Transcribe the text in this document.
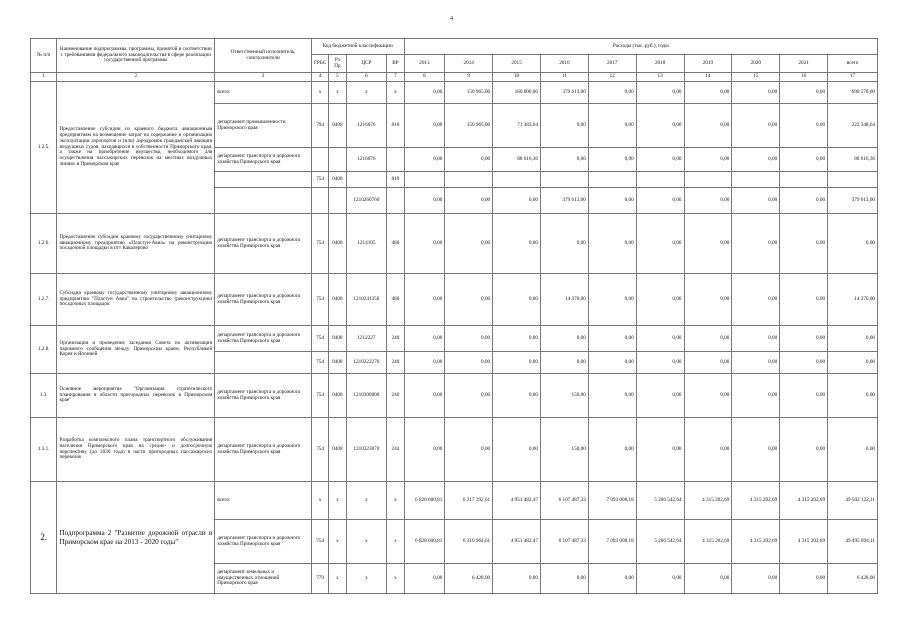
4
№ п/п	Наименование подпрограммы, программы, принятой в соответствии с требованиями федерального законодательства в сфере реализации государственной программы	Ответственный исполнитель, соисполнители	Код бюджетной классификации				Расходы (тыс. руб.), годы									
			ГРБС	Рз Пр	ЦСР	ВР	2013	2014	2015	2016	2017	2018	2019	2020	2021	всего
1	2	3	4	5	6	7	8	9	10	11	12	13	14	15	16	17
1.2.5.	Предоставление субсидии из краевого бюджета авиационным предприятиям на возмещение затрат на содержание и организацию эксплуатации аэропортов и (или) аэродромов гражданской авиации воздушных судов, находящихся в собственности Приморского края, а также на приобретение имущества, необходимого для осуществления пассажирских перевозок на местных воздушных линиях в Приморском крае	всего:	x	x	x	x	0,00	150 965,00	160 000,00	379 613,00	0,00	0,00	0,00	0,00	0,00	690 578,00
		департамент промышленности Приморского края	794	0408	1216076	810	0,00	150 965,00	71 383,64	0,00	0,00	0,00	0,00	0,00	0,00	222 348,64
		департамент транспорта и дорожного хозяйства Приморского края			1216076		0,00	0,00	88 616,36	0,00	0,00	0,00	0,00	0,00	0,00	88 616,36
			754	0408		810										
					1210260760		0,00	0,00	0,00	379 613,00	0,00	0,00	0,00	0,00	0,00	379 613,00
1.2.6.	Предоставление субсидии краевому государственному унитарному авиационному предприятию «Пластун-Авиа» на реконструкцию посадочной площадки в пгт Кавалерово	департамент транспорта и дорожного хозяйства Приморского края	754	0408	1214105	460	0,00	0,00	0,00	0,00	0,00	0,00	0,00	0,00	0,00	0,00
1.2.7.	Субсидии краевому государственному унитарному авиационному предприятию "Пластун Авиа" на строительство (реконструкцию) посадочных площадок	департамент транспорта и дорожного хозяйства Приморского края	754	0408	1210241350	460	0,00	0,00	0,00	14 370,00	0,00	0,00	0,00	0,00	0,00	14 370,00
1.2.8.	Организация и проведение заседания Совета по активизации паромного сообщения между Приморским краем, Республикой Корея и Японией	департамент транспорта и дорожного хозяйства Приморского края	754	0408	1212227	240	0,00	0,00	0,00	0,00	0,00	0,00	0,00	0,00	0,00	0,00
			754	0408	1210222270	240	0,00	0,00	0,00	0,00	0,00	0,00	0,00	0,00	0,00	0,00
1.3.	Основное мероприятие "Организация стратегического планирования в области пригородных перевозок в Приморском крае"	департамент транспорта и дорожного хозяйства Приморского края	754	0408	1210300000	240	0,00	0,00	0,00	150,00	0,00	0,00	0,00	0,00	0,00	0,00
1.3.1.	Разработка комплексного плана транспортного обслуживания населения Приморского края на средне- и долгосрочную перспективу (до 2030 года) в части пригородных пассажирских перевозок	департамент транспорта и дорожного хозяйства Приморского края	754	0408	1210323070	244	0,00	0,00	0,00	150,00	0,00	0,00	0,00	0,00	0,00	0,00
2.	Подпрограмма 2 "Развитие дорожной отрасли в Приморском крае на 2013 - 2020 годы"	всего:	x	x	x	x	6 820 600,81	6 317 392,61	4 951 482,47	6 107 487,33	7 093 008,18	5 266 542,64	4 315 202,69	4 315 202,69	4 315 202,69	49 502 122,11
		департамент транспорта и дорожного хозяйства Приморского края	754	x	x	x	6 820 600,81	6 310 964,61	4 951 482,47	6 107 487,33	7 093 008,18	5 266 542,64	4 315 202,69	4 315 202,69	4 315 202,69	49 495 694,11
		департамент земельных и имущественных отношений Приморского края	779	x	x	x	0,00	6 428,00	0,00	0,00	0,00	0,00	0,00	0,00	0,00	6 428,00
